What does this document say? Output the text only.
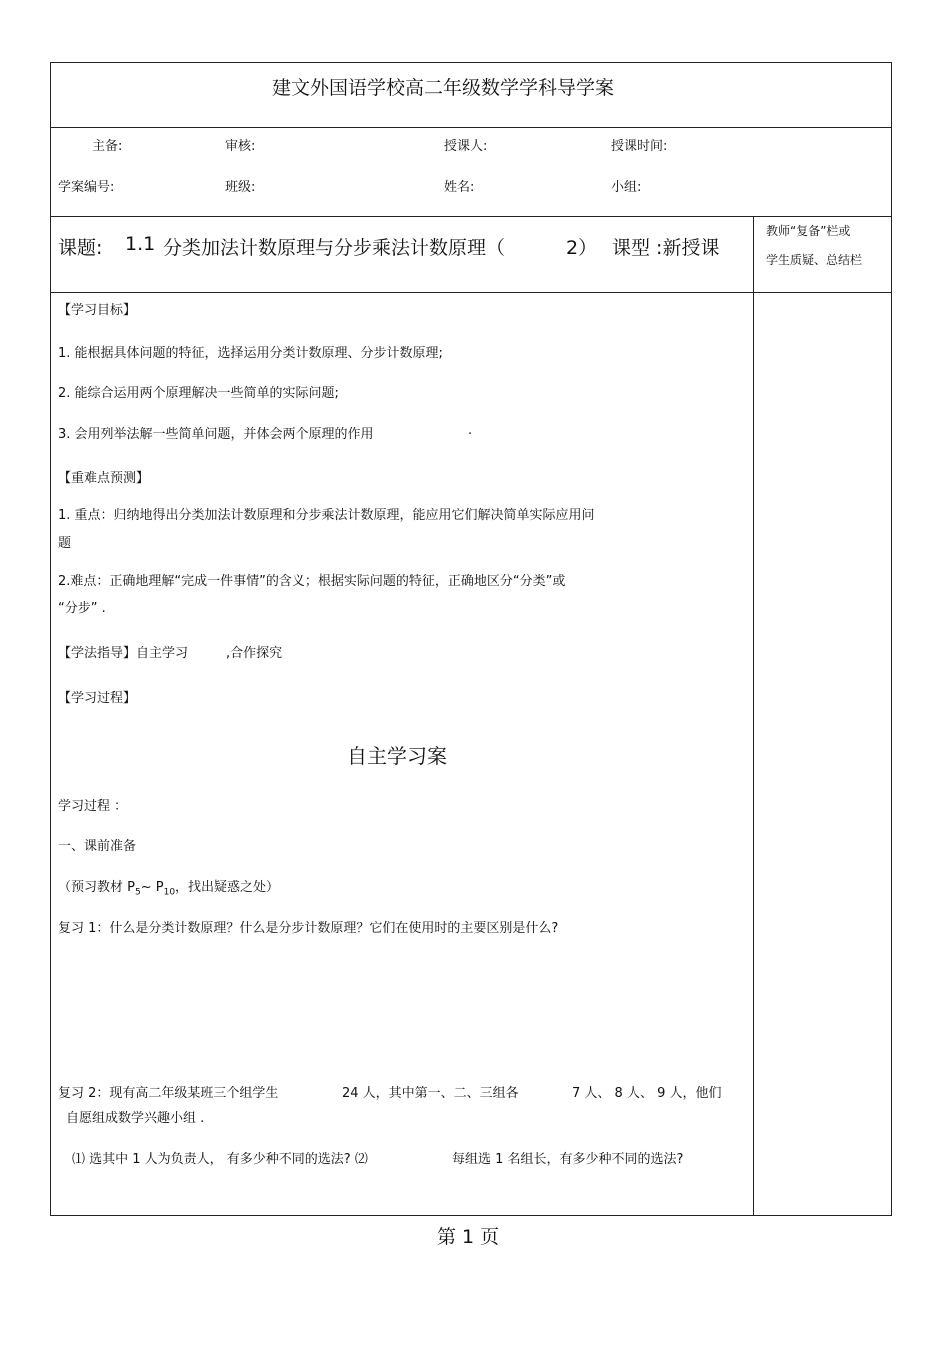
建文外国语学校高二年级数学学科导学案
主备:	审核:	授课人:	授课时间:
学案编号:	班级:	姓名:	小组:
课题: 1.1 分类加法计数原理与分步乘法计数原理（	2） 课型 :新授课
教师“复备”栏或
学生质疑、总结栏
【学习目标】
1. 能根据具体问题的特征，选择运用分类计数原理、分步计数原理;
2. 能综合运用两个原理解决一些简单的实际问题;
3. 会用列举法解一些简单问题，并体会两个原理的作用	.
【重难点预测】
1. 重点：归纳地得出分类加法计数原理和分步乘法计数原理，能应用它们解决简单实际应用问
题
2.难点：正确地理解“完成一件事情”的含义；根据实际问题的特征，正确地区分“分类”或
“分步” .
【学法指导】自主学习	,合作探究
【学习过程】
自主学习案
学习过程 ：
一、课前准备
（预习教材 $P_5\sim$ $P_{10}$，找出疑惑之处）
复习 1：什么是分类计数原理？什么是分步计数原理？它们在使用时的主要区别是什么?
复习 2：现有高二年级某班三个组学生	24 人，其中第一、二、三组各	7 人、 8 人、 9 人，他们
自愿组成数学兴趣小组 .
⑴ 选其中 1 人为负责人， 有多少种不同的选法? ⑵	每组选 1 名组长，有多少种不同的选法?
第 1 页
